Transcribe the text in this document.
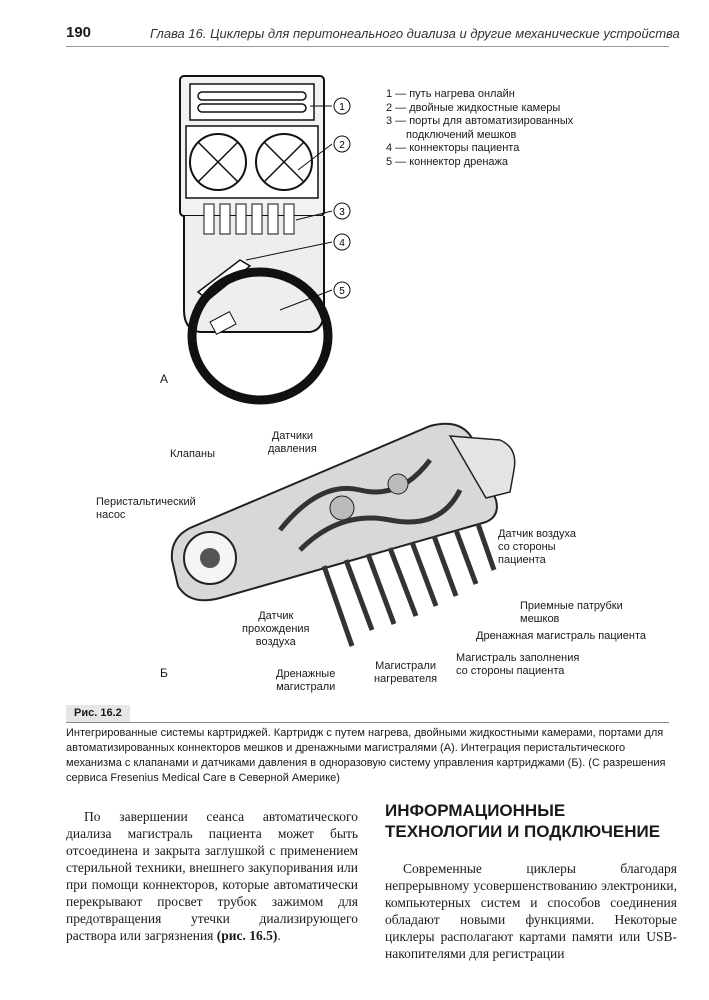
190	Глава 16. Циклеры для перитонеального диализа и другие механические устройства
1
2
3
4
5
А
1 — путь нагрева онлайн
2 — двойные жидкостные камеры
3 — порты для автоматизированных
подключений мешков
4 — коннекторы пациента
5 — коннектор дренажа
Б
Клапаны
Датчики
давления
Перистальтический
насос
Датчик воздуха
со стороны
пациента
Приемные патрубки
мешков
Дренажная магистраль пациента
Магистраль заполнения
со стороны пациента
Датчик
прохождения
воздуха
Магистрали
нагревателя
Дренажные
магистрали
Рис. 16.2
Интегрированные системы картриджей. Картридж с путем нагрева, двойными жидкостными камерами, портами для автоматизированных коннекторов мешков и дренажными магистралями (А). Интеграция перистальтического механизма с клапанами и датчиками давления в одноразовую систему управления картриджами (Б). (С разрешения сервиса Fresenius Medical Care в Северной Америке)

По завершении сеанса автоматического диализа магистраль пациента может быть отсоединена и закрыта заглушкой с применением стерильной техники, внешнего закупоривания или при помощи коннекторов, которые автоматически перекрывают просвет трубок зажимом для предотвращения утечки диализирующего раствора или загрязнения (рис. 16.5).

ИНФОРМАЦИОННЫЕ ТЕХНОЛОГИИ И ПОДКЛЮЧЕНИЕ

Современные циклеры благодаря непрерывному усовершенствованию электроники, компьютерных систем и способов соединения обладают новыми функциями. Некоторые циклеры располагают картами памяти или USB-накопителями для регистрации
